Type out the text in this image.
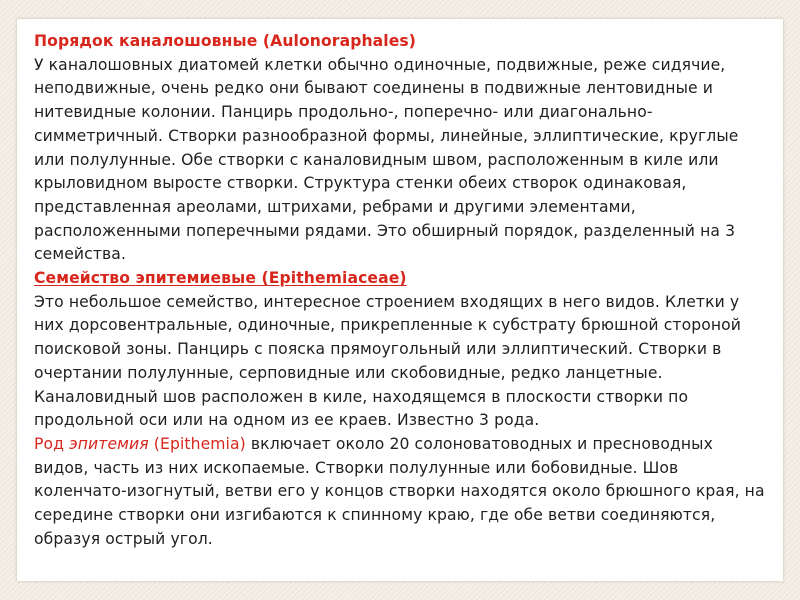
Порядок каналошовные (Aulonoraphales)

У каналошовных диатомей клетки обычно одиночные, подвижные, реже сидячие, неподвижные, очень редко они бывают соединены в подвижные лентовидные и нитевидные колонии. Панцирь продольно-, поперечно- или диагонально-симметричный. Створки разнообразной формы, линейные, эллиптические, круглые или полулунные. Обе створки с каналовидным швом, расположенным в киле или крыловидном выросте створки. Структура стенки обеих створок одинаковая, представленная ареолами, штрихами, ребрами и другими элементами, расположенными поперечными рядами. Это обширный порядок, разделенный на 3 семейства.

Семейство эпитемиевые (Epithemiaceae)

Это небольшое семейство, интересное строением входящих в него видов. Клетки у них дорсовентральные, одиночные, прикрепленные к субстрату брюшной стороной поисковой зоны. Панцирь с пояска прямоугольный или эллиптический. Створки в очертании полулунные, серповидные или скобовидные, редко ланцетные. Каналовидный шов расположен в киле, находящемся в плоскости створки по продольной оси или на одном из ее краев. Известно 3 рода.

Род эпитемия (Epithemia) включает около 20 солоноватоводных и пресноводных видов, часть из них ископаемые. Створки полулунные или бобовидные. Шов коленчато-изогнутый, ветви его у концов створки находятся около брюшного края, на середине створки они изгибаются к спинному краю, где обе ветви соединяются, образуя острый угол.
